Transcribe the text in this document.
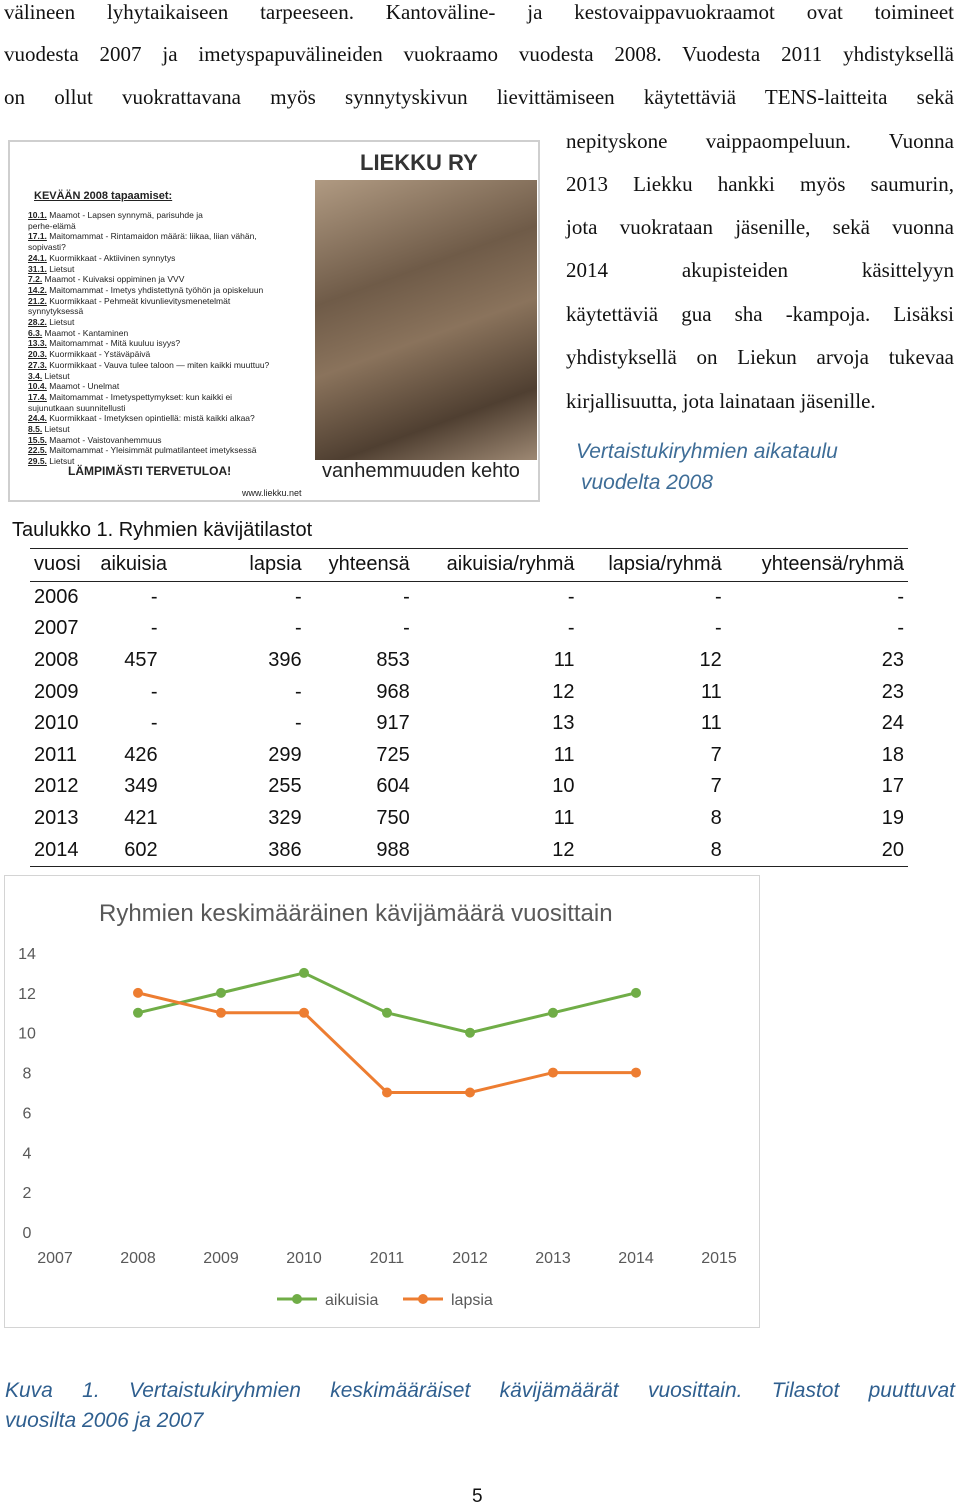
välineen lyhytaikaiseen tarpeeseen. Kantoväline- ja kestovaippavuokraamot ovat toimineet
vuodesta 2007 ja imetyspapuvälineiden vuokraamo vuodesta 2008. Vuodesta 2011 yhdistyksellä
on ollut vuokrattavana myös synnytyskivun lievittämiseen käytettäviä TENS-laitteita sekä
nepityskone vaippaompeluun. Vuonna
2013 Liekku hankki myös saumurin,
jota vuokrataan jäsenille, sekä vuonna
2014 akupisteiden käsittelyyn
käytettäviä gua sha -kampoja. Lisäksi
yhdistyksellä on Liekun arvoja tukevaa
kirjallisuutta, jota lainataan jäsenille.
LIEKKU RY
KEVÄÄN 2008 tapaamiset:
10.1. Maamot - Lapsen synnymä, parisuhde ja
perhe-elämä
17.1. Maitomammat - Rintamaidon määrä: liikaa, liian vähän,
sopivasti?
24.1. Kuormikkaat - Aktiivinen synnytys
31.1. Lietsut
7.2. Maamot - Kuivaksi oppiminen ja VVV
14.2. Maitomammat - Imetys yhdistettynä työhön ja opiskeluun
21.2. Kuormikkaat - Pehmeät kivunlievitysmenetelmät
synnytyksessä
28.2. Lietsut
6.3. Maamot - Kantaminen
13.3. Maitomammat - Mitä kuuluu isyys?
20.3. Kuormikkaat - Ystäväpäivä
27.3. Kuormikkaat - Vauva tulee taloon — miten kaikki muuttuu?
3.4. Lietsut
10.4. Maamot - Unelmat
17.4. Maitomammat - Imetyspettymykset: kun kaikki ei
sujunutkaan suunnitellusti
24.4. Kuormikkaat - Imetyksen opintiellä: mistä kaikki alkaa?
8.5. Lietsut
15.5. Maamot - Vaistovanhemmuus
22.5. Maitomammat - Yleisimmät pulmatilanteet imetyksessä
29.5. Lietsut
LÄMPIMÄSTI TERVETULOA!	vanhemmuuden kehto
www.liekku.net
Vertaistukiryhmien aikataulu
vuodelta 2008
Taulukko 1. Ryhmien kävijätilastot
vuosi	aikuisia	lapsia	yhteensä	aikuisia/ryhmä	lapsia/ryhmä	yhteensä/ryhmä
2006	-	-	-	-	-	-
2007	-	-	-	-	-	-
2008	457	396	853	11	12	23
2009	-	-	968	12	11	23
2010	-	-	917	13	11	24
2011	426	299	725	11	7	18
2012	349	255	604	10	7	17
2013	421	329	750	11	8	19
2014	602	386	988	12	8	20
Ryhmien keskimääräinen kävijämäärä vuosittain
0
2
4
6
8
10
12
14
2007	2008	2009	2010	2011	2012	2013	2014	2015
aikuisia	lapsia
Kuva 1. Vertaistukiryhmien keskimääräiset kävijämäärät vuosittain. Tilastot puuttuvat
vuosilta 2006 ja 2007
5
